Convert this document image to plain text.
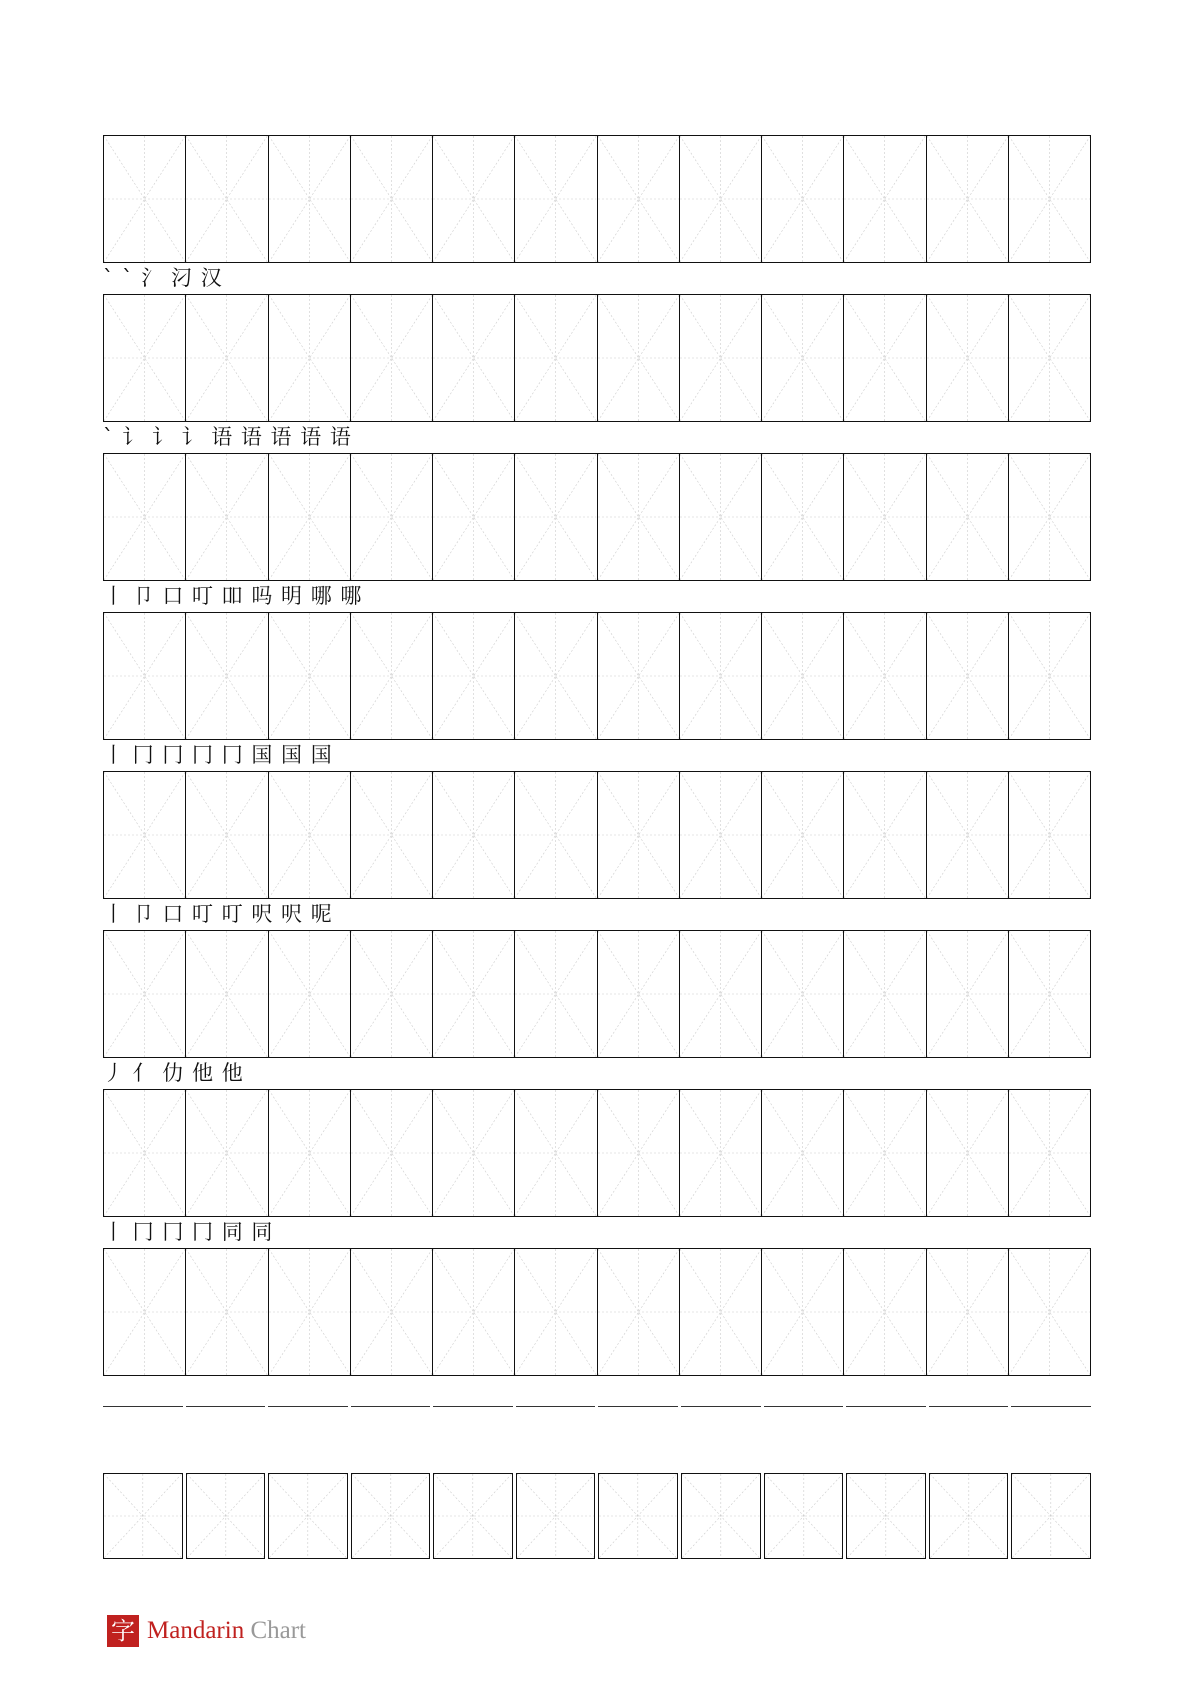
` ˋ 氵 汈 汉
` 讠 讠 讠 语 语 语 语 语
丨 卩 口 叮 吅 吗 明 哪 哪
丨 冂 冂 冂 冂 国 国 国
丨 卩 口 叮 叮 呎 呎 呢
丿 亻 仂 他 他
丨 冂 冂 冂 同 同
字 Mandarin Chart
